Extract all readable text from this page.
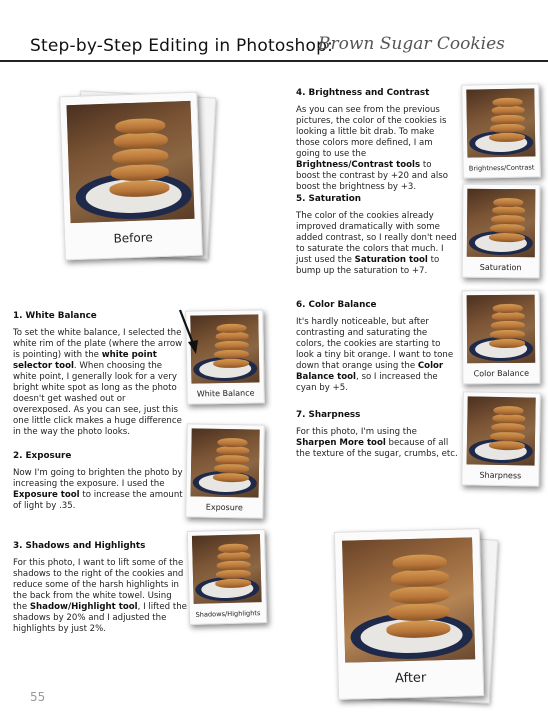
Step-by-Step Editing in Photoshop:
Brown Sugar Cookies
Before
1. White Balance

To set the white balance, I selected the white rim of the plate (where the arrow is pointing) with the white point selector tool. When choosing the white point, I generally look for a very bright white spot as long as the photo doesn't get washed out or overexposed. As you can see, just this one little click makes a huge difference in the way the photo looks.

White Balance
2. Exposure

Now I'm going to brighten the photo by increasing the exposure. I used the Exposure tool to increase the amount of light by .35.	Exposure
3. Shadows and Highlights

For this photo, I want to lift some of the shadows to the right of the cookies and reduce some of the harsh highlights in the back from the white towel. Using the Shadow/Highlight tool, I lifted the shadows by 20% and I adjusted the highlights by just 2%.

Shadows/Highlights
4. Brightness and Contrast

As you can see from the previous pictures, the color of the cookies is looking a little bit drab. To make those colors more defined, I am going to use the Brightness/Contrast tools to boost the contrast by +20 and also boost the brightness by +3.

Brightness/Contrast
5. Saturation

The color of the cookies already improved dramatically with some added contrast, so I really don't need to saturate the colors that much. I just used the Saturation tool to bump up the saturation to +7.	Saturation
6. Color Balance

It's hardly noticeable, but after contrasting and saturating the colors, the cookies are starting to look a tiny bit orange. I want to tone down that orange using the Color Balance tool, so I increased the cyan by +5.

Color Balance
7. Sharpness

For this photo, I'm using the Sharpen More tool because of all the texture of the sugar, crumbs, etc.

Sharpness
After
55
